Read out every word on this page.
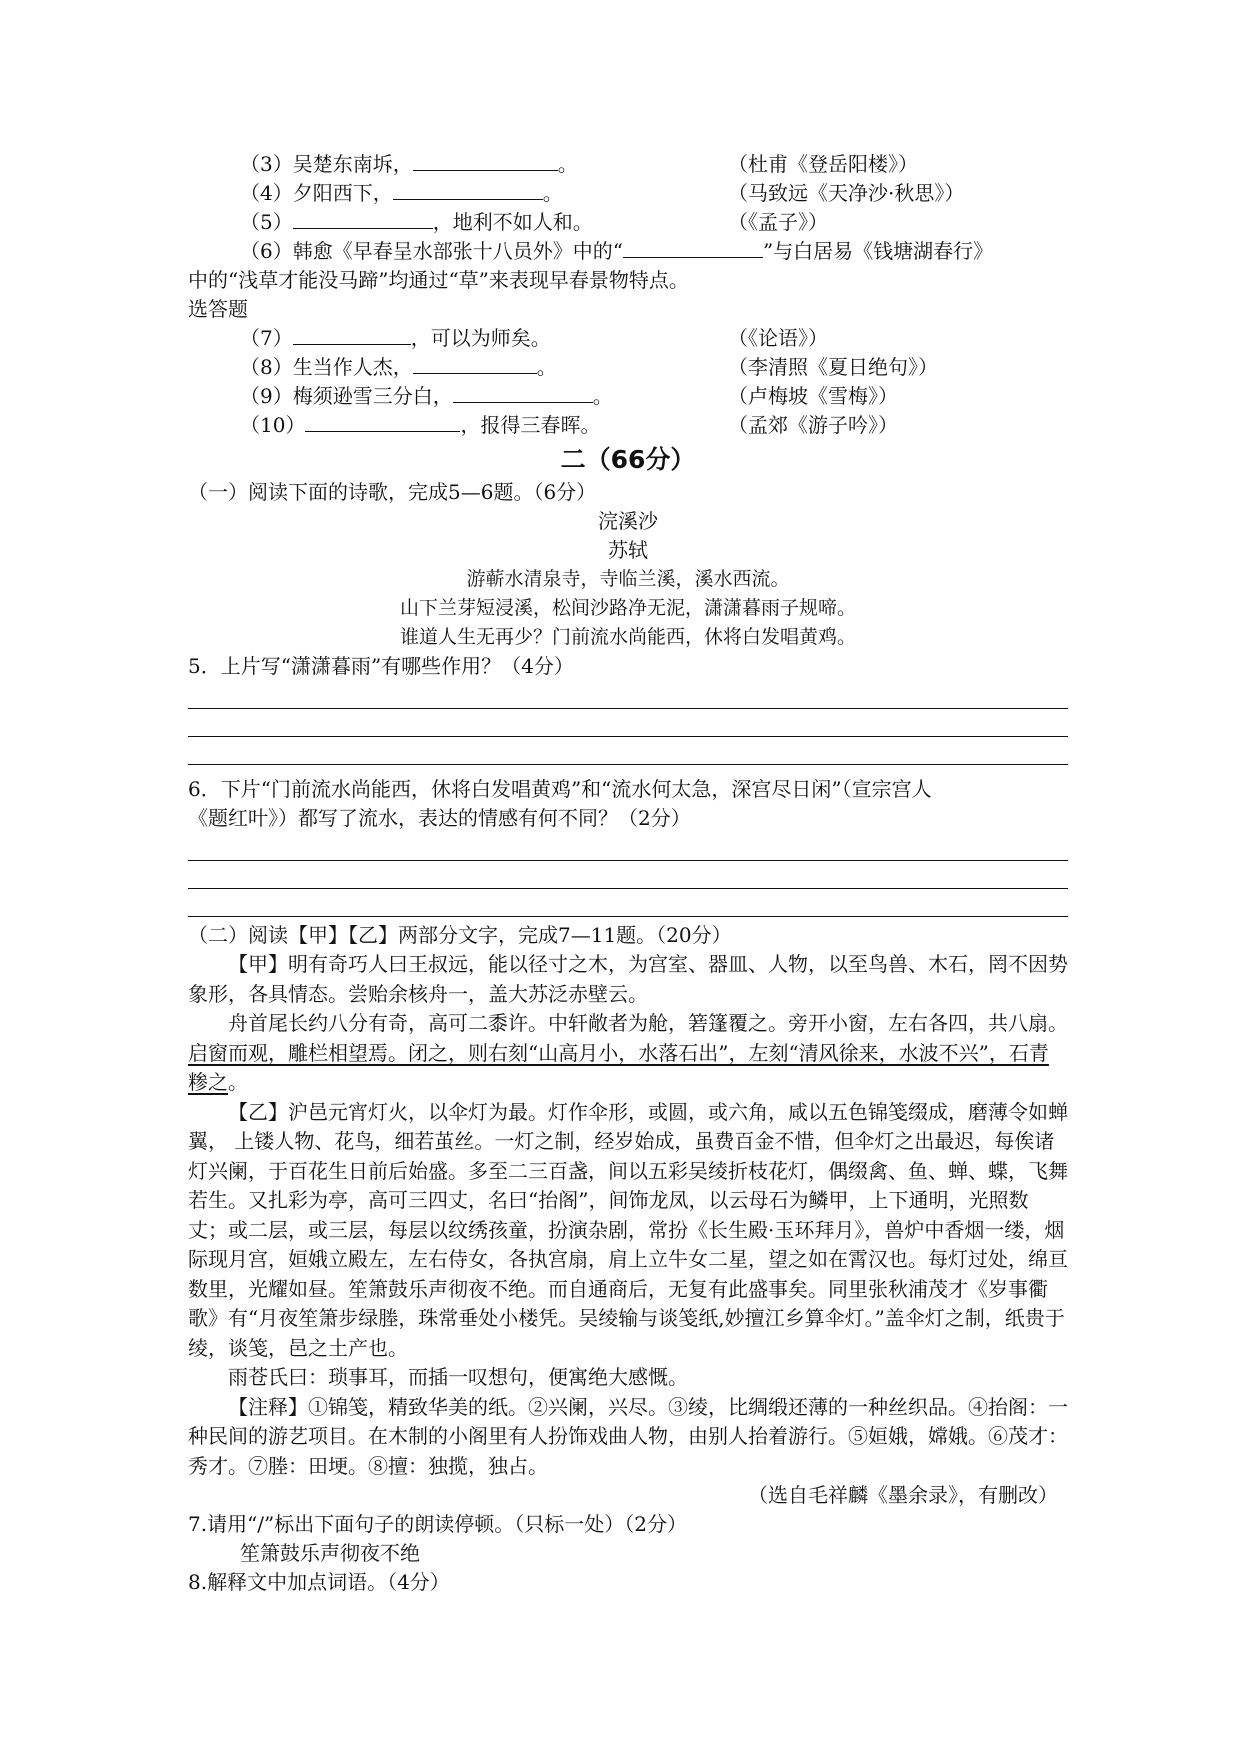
（3）吴楚东南坼，	。	（杜甫《登岳阳楼》）
（4）夕阳西下，	。	（马致远《天净沙·秋思》）
（5）	，地利不如人和。	（《孟子》）
（6）韩愈《早春呈水部张十八员外》中的“	”与白居易《钱塘湖春行》
中的“浅草才能没马蹄”均通过“草”来表现早春景物特点。
选答题
（7）	，可以为师矣。	（《论语》）
（8）生当作人杰，	。	（李清照《夏日绝句》）
（9）梅须逊雪三分白，	。	（卢梅坡《雪梅》）
（10）	，报得三春晖。	（孟郊《游子吟》）
二（66分）
（一）阅读下面的诗歌，完成5—6题。（6分）
浣溪沙
苏轼
游蕲水清泉寺，寺临兰溪，溪水西流。
山下兰芽短浸溪，松间沙路净无泥，潇潇暮雨子规啼。
谁道人生无再少？门前流水尚能西，休将白发唱黄鸡。
5．上片写“潇潇暮雨”有哪些作用？（4分）
6．下片“门前流水尚能西，休将白发唱黄鸡”和“流水何太急，深宫尽日闲”（宣宗宫人
《题红叶》）都写了流水，表达的情感有何不同？（2分）
（二）阅读【甲】【乙】两部分文字，完成7—11题。（20分）

【甲】明有奇巧人曰王叔远，能以径寸之木，为宫室、器皿、人物，以至鸟兽、木石，罔不因势象形，各具情态。尝贻余核舟一，盖大苏泛赤壁云。

舟首尾长约八分有奇，高可二黍许。中轩敞者为舱，箬篷覆之。旁开小窗，左右各四，共八扇。启窗而观，雕栏相望焉。闭之，则右刻“山高月小，水落石出”，左刻“清风徐来，水波不兴”，石青糁之。

【乙】沪邑元宵灯火，以伞灯为最。灯作伞形，或圆，或六角，咸以五色锦笺缀成，磨薄令如蝉翼， 上镂人物、花鸟，细若茧丝。一灯之制，经岁始成，虽费百金不惜，但伞灯之出最迟，每俟诸灯兴阑，于百花生日前后始盛。多至二三百盏，间以五彩吴绫折枝花灯，偶缀禽、鱼、蝉、蝶，飞舞若生。又扎彩为亭，高可三四丈，名曰“抬阁”，间饰龙凤，以云母石为鳞甲，上下通明，光照数丈；或二层，或三层，每层以纹绣孩童，扮演杂剧，常扮《长生殿·玉环拜月》，兽炉中香烟一缕，烟际现月宫，姮娥立殿左，左右侍女，各执宫扇，肩上立牛女二星，望之如在霄汉也。每灯过处，绵亘数里，光耀如昼。笙箫鼓乐声彻夜不绝。而自通商后，无复有此盛事矣。同里张秋浦茂才《岁事衢歌》有“月夜笙箫步绿塍，珠常垂处小楼凭。吴绫输与谈笺纸,妙擅江乡算伞灯。”盖伞灯之制，纸贵于绫，谈笺，邑之土产也。

雨苍氏曰：琐事耳，而插一叹想句，便寓绝大感慨。

【注释】①锦笺，精致华美的纸。②兴阑，兴尽。③绫，比绸缎还薄的一种丝织品。④抬阁：一种民间的游艺项目。在木制的小阁里有人扮饰戏曲人物，由别人抬着游行。⑤姮娥，嫦娥。⑥茂才：秀才。⑦塍：田埂。⑧擅：独揽，独占。

（选自毛祥麟《墨余录》，有删改）
7.请用“/”标出下面句子的朗读停顿。（只标一处）（2分）
笙箫鼓乐声彻夜不绝
8.解释文中加点词语。（4分）
